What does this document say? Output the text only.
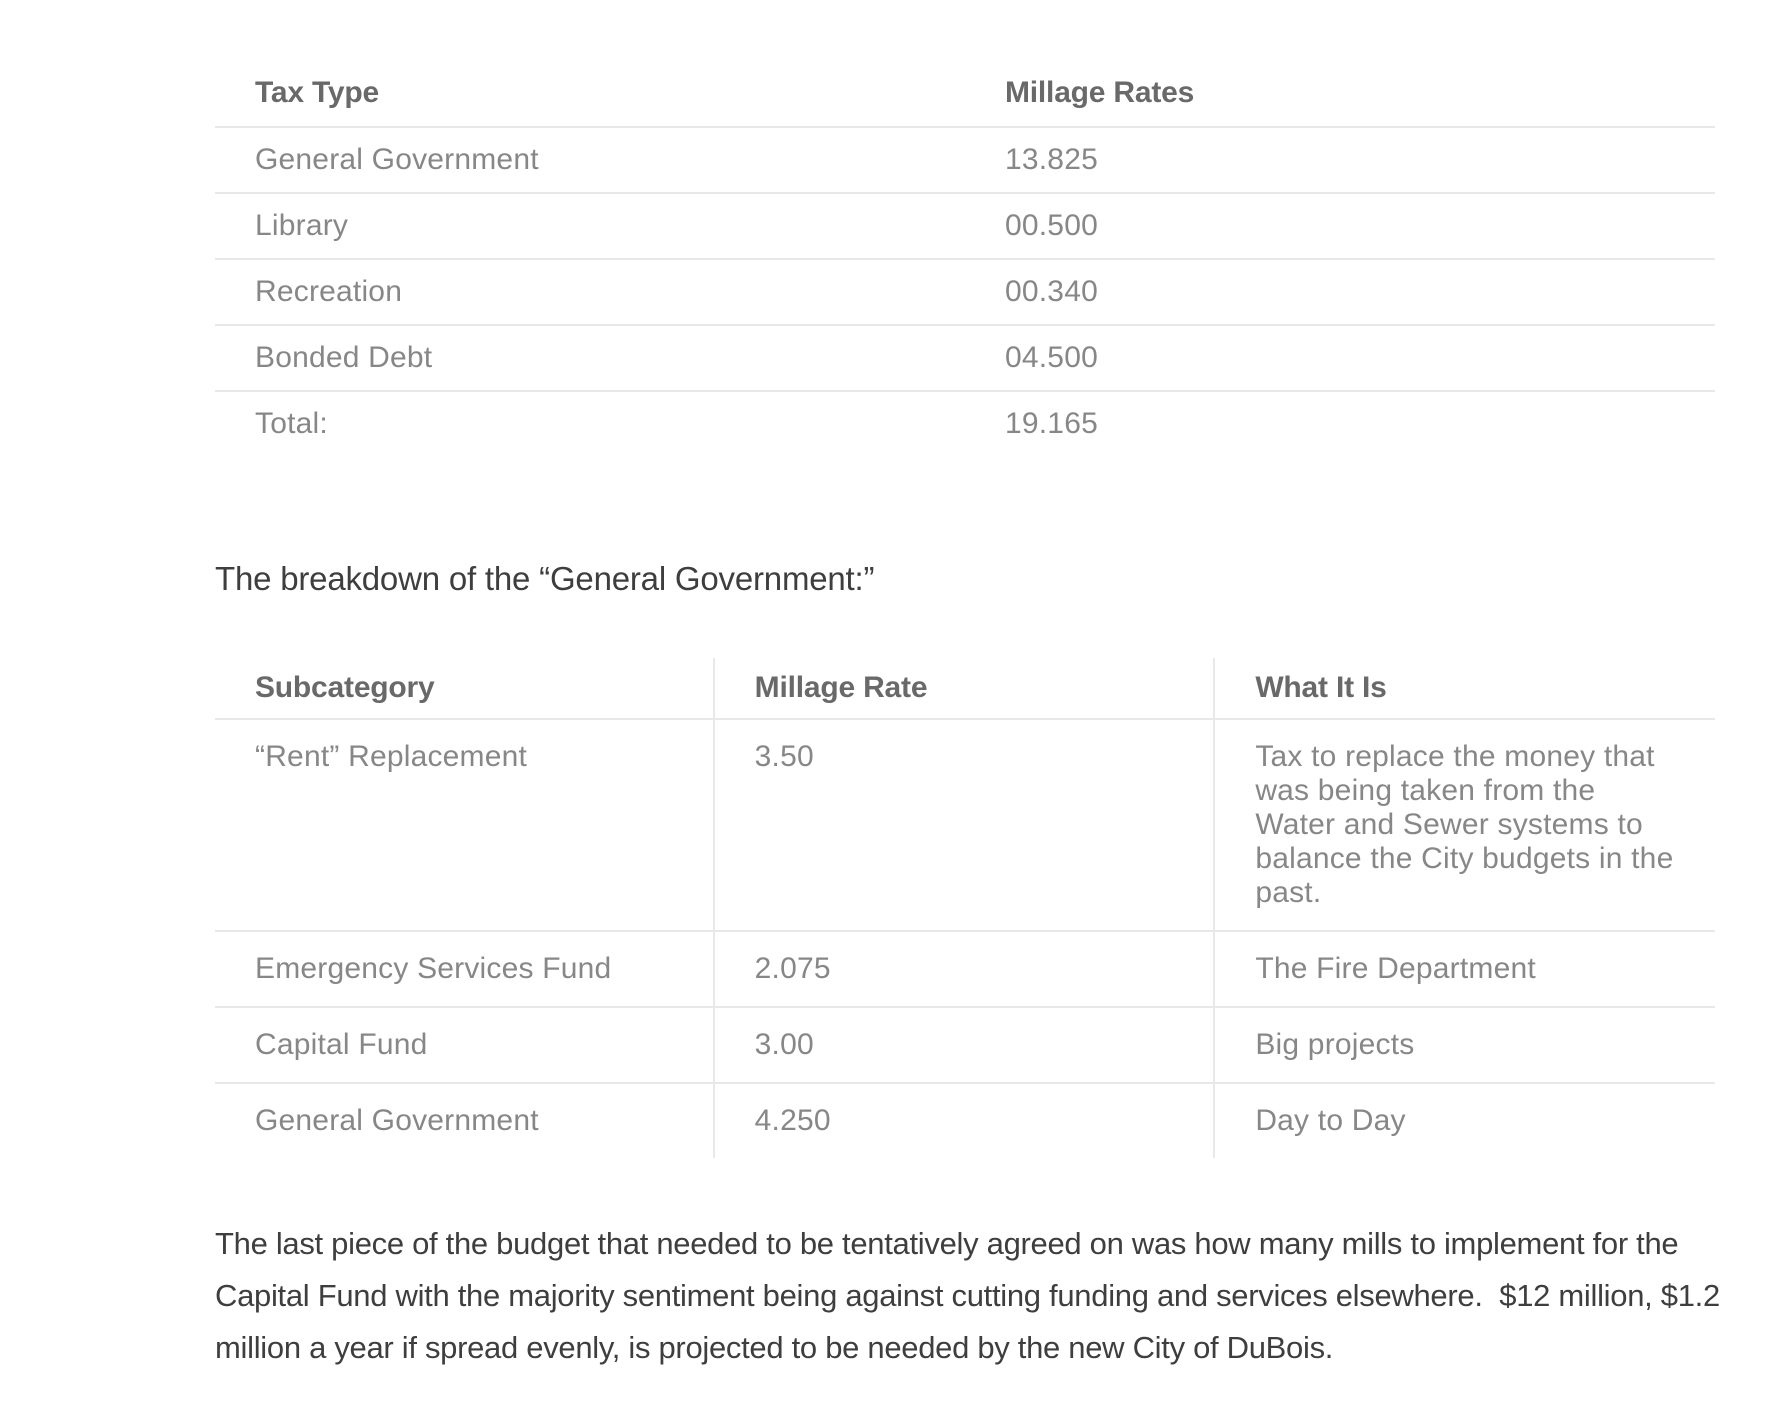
Tax Type	Millage Rates
General Government	13.825
Library	00.500
Recreation	00.340
Bonded Debt	04.500
Total:	19.165
The breakdown of the “General Government:”
Subcategory	Millage Rate	What It Is
“Rent” Replacement	3.50	Tax to replace the money that was being taken from the Water and Sewer systems to balance the City budgets in the past.
Emergency Services Fund	2.075	The Fire Department
Capital Fund	3.00	Big projects
General Government	4.250	Day to Day

The last piece of the budget that needed to be tentatively agreed on was how many mills to implement for the Capital Fund with the majority sentiment being against cutting funding and services elsewhere.  $12 million, $1.2 million a year if spread evenly, is projected to be needed by the new City of DuBois.
